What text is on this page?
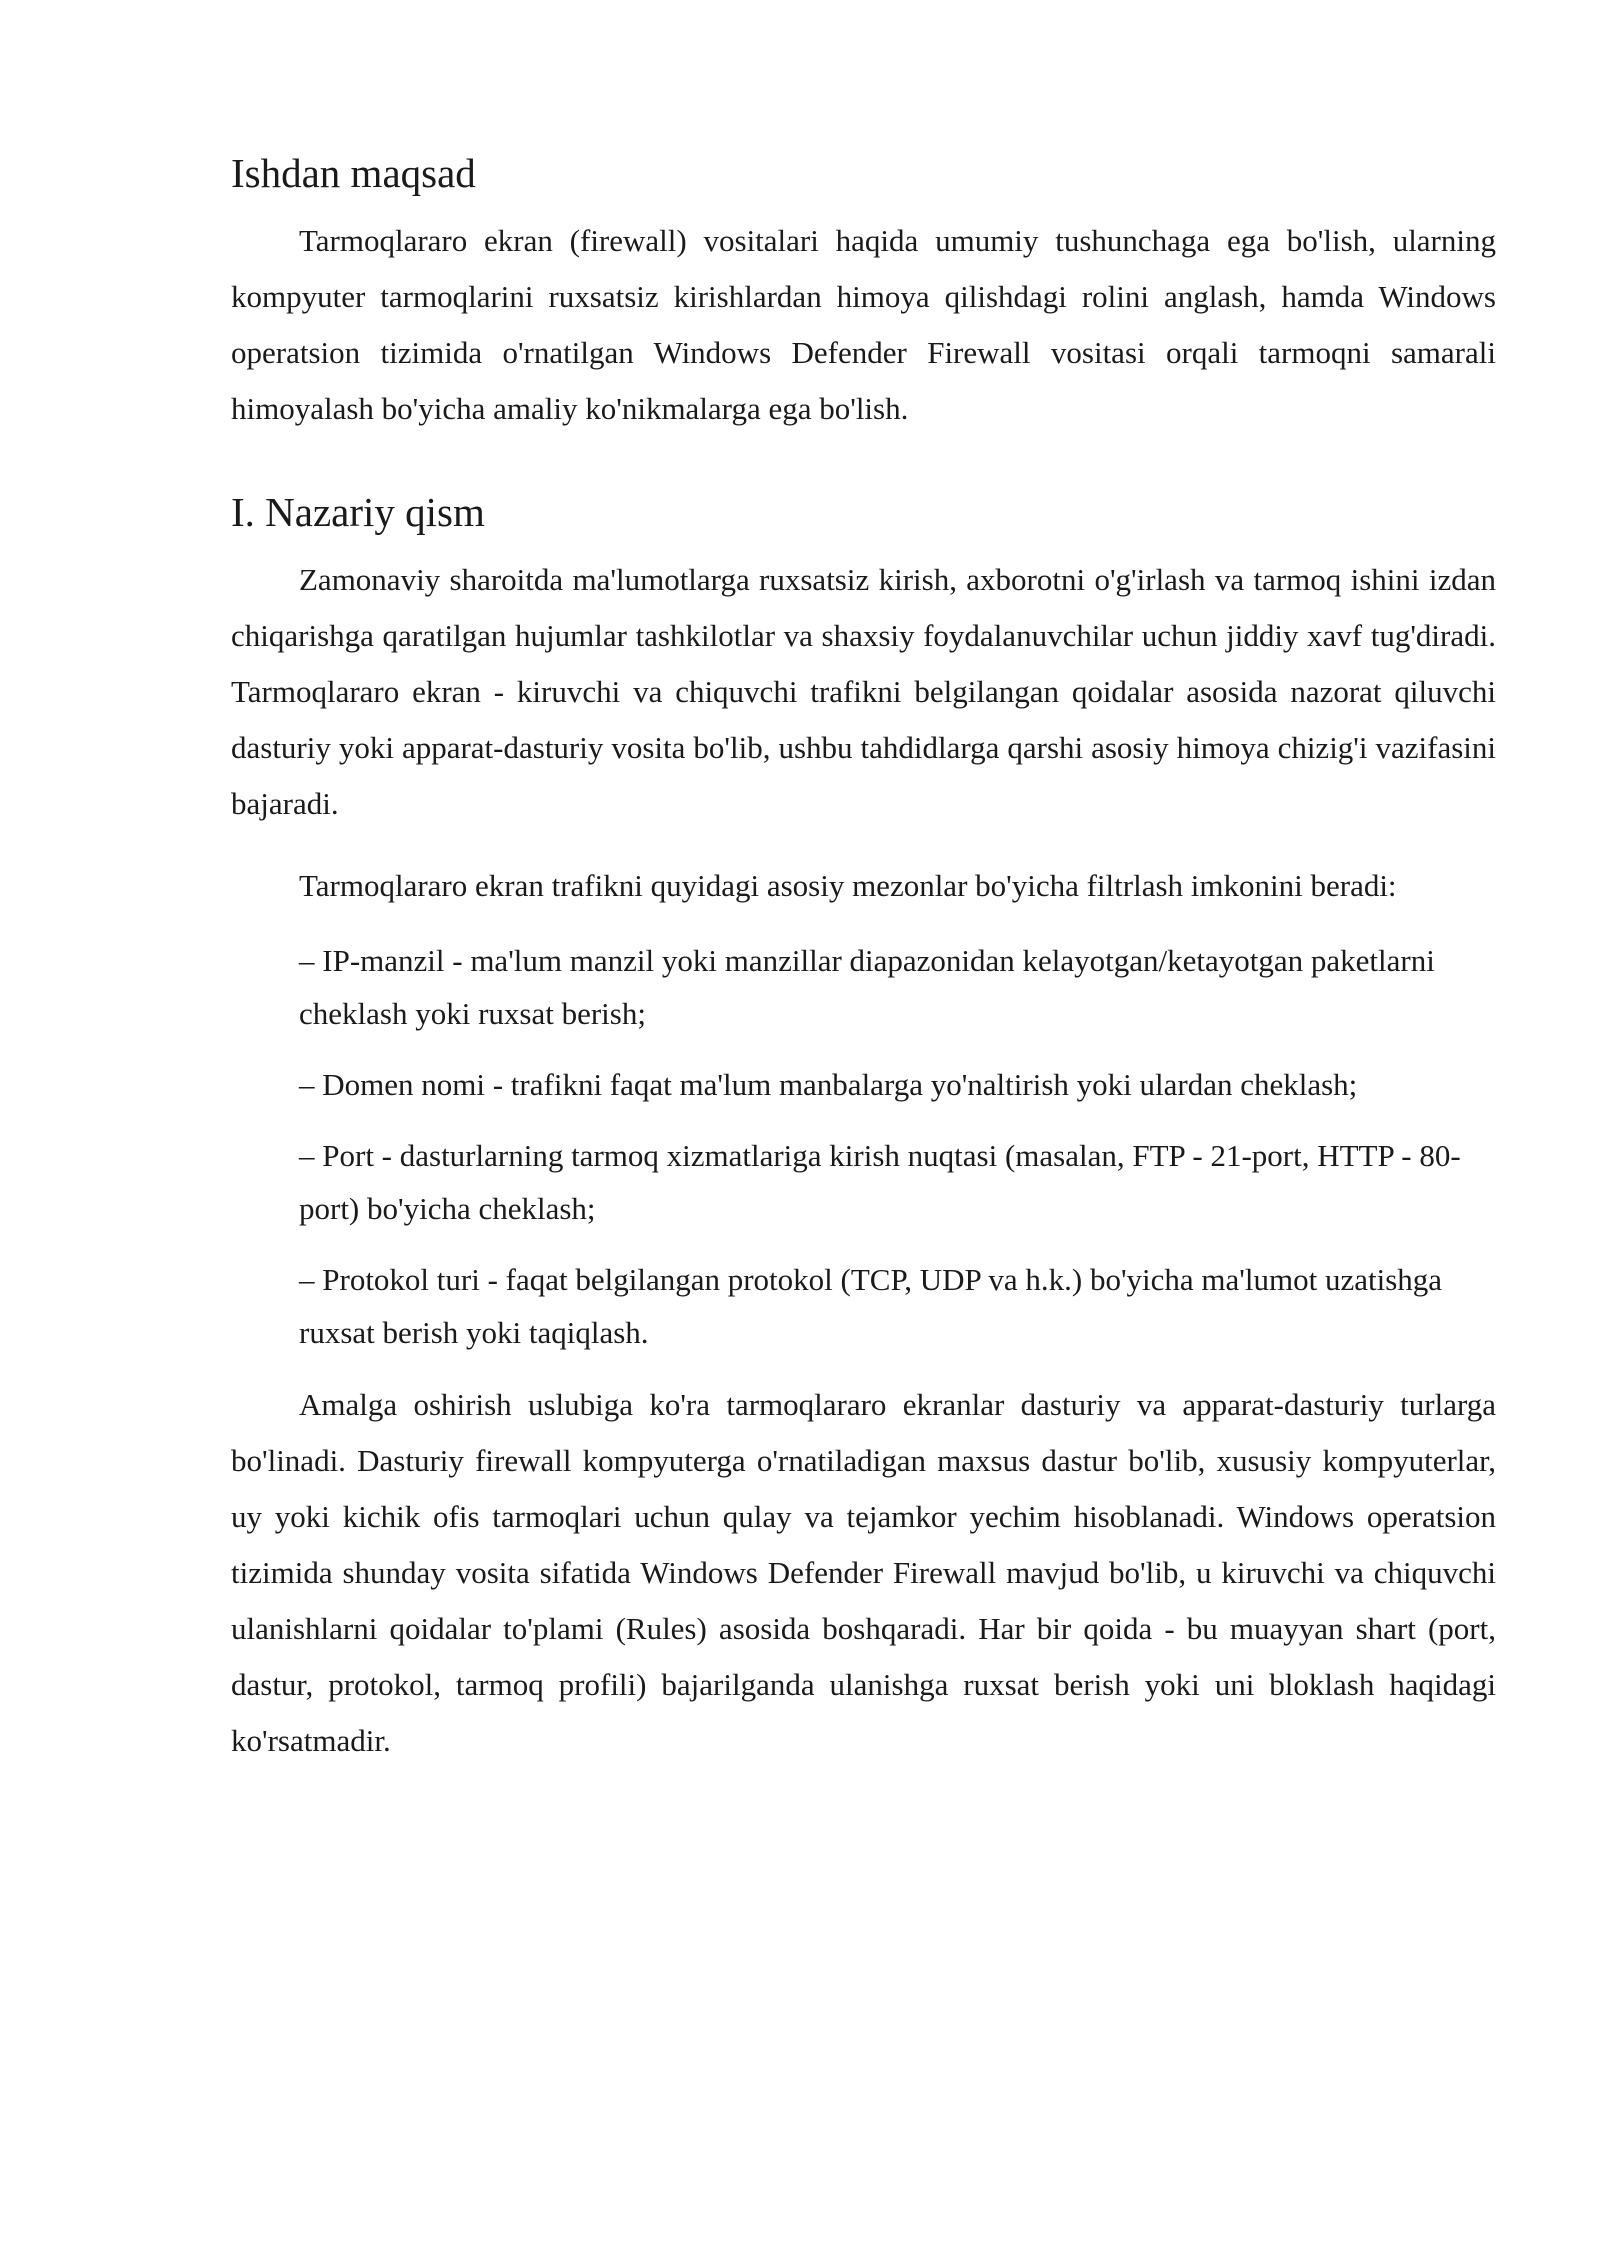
Ishdan maqsad

Tarmoqlararo ekran (firewall) vositalari haqida umumiy tushunchaga ega bo'lish, ularning kompyuter tarmoqlarini ruxsatsiz kirishlardan himoya qilishdagi rolini anglash, hamda Windows operatsion tizimida o'rnatilgan Windows Defender Firewall vositasi orqali tarmoqni samarali himoyalash bo'yicha amaliy ko'nikmalarga ega bo'lish.

I. Nazariy qism

Zamonaviy sharoitda ma'lumotlarga ruxsatsiz kirish, axborotni o'g'irlash va tarmoq ishini izdan chiqarishga qaratilgan hujumlar tashkilotlar va shaxsiy foydalanuvchilar uchun jiddiy xavf tug'diradi. Tarmoqlararo ekran - kiruvchi va chiquvchi trafikni belgilangan qoidalar asosida nazorat qiluvchi dasturiy yoki apparat-dasturiy vosita bo'lib, ushbu tahdidlarga qarshi asosiy himoya chizig'i vazifasini bajaradi.

Tarmoqlararo ekran trafikni quyidagi asosiy mezonlar bo'yicha filtrlash imkonini beradi:

– IP-manzil - ma'lum manzil yoki manzillar diapazonidan kelayotgan/ketayotgan paketlarni cheklash yoki ruxsat berish;
– Domen nomi - trafikni faqat ma'lum manbalarga yo'naltirish yoki ulardan cheklash;
– Port - dasturlarning tarmoq xizmatlariga kirish nuqtasi (masalan, FTP - 21-port, HTTP - 80-port) bo'yicha cheklash;
– Protokol turi - faqat belgilangan protokol (TCP, UDP va h.k.) bo'yicha ma'lumot uzatishga ruxsat berish yoki taqiqlash.

Amalga oshirish uslubiga ko'ra tarmoqlararo ekranlar dasturiy va apparat-dasturiy turlarga bo'linadi. Dasturiy firewall kompyuterga o'rnatiladigan maxsus dastur bo'lib, xususiy kompyuterlar, uy yoki kichik ofis tarmoqlari uchun qulay va tejamkor yechim hisoblanadi. Windows operatsion tizimida shunday vosita sifatida Windows Defender Firewall mavjud bo'lib, u kiruvchi va chiquvchi ulanishlarni qoidalar to'plami (Rules) asosida boshqaradi. Har bir qoida - bu muayyan shart (port, dastur, protokol, tarmoq profili) bajarilganda ulanishga ruxsat berish yoki uni bloklash haqidagi ko'rsatmadir.
